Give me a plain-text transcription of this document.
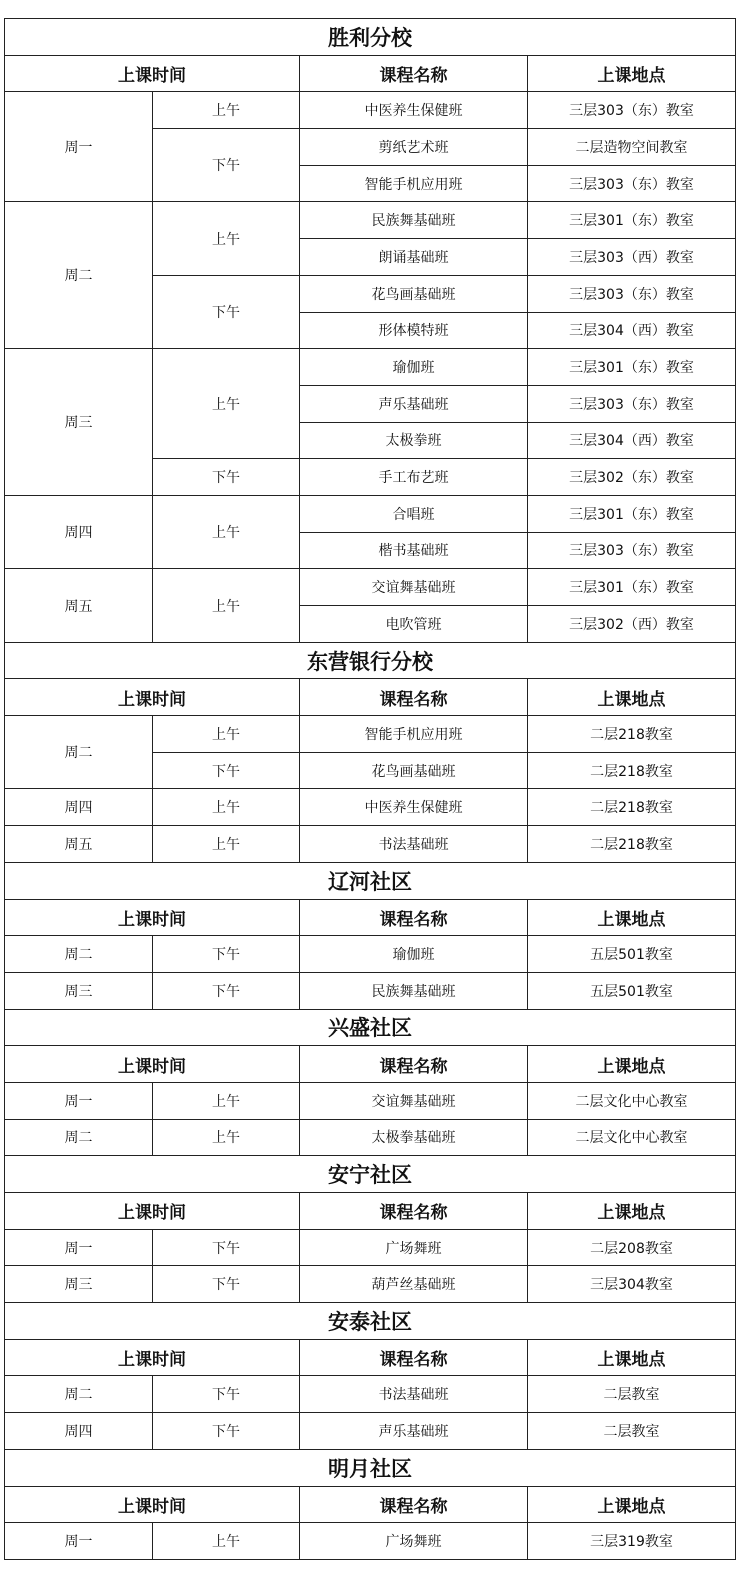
胜利分校			
上课时间		课程名称	上课地点
周一	上午	中医养生保健班	三层303（东）教室
	下午	剪纸艺术班	二层造物空间教室
		智能手机应用班	三层303（东）教室
周二	上午	民族舞基础班	三层301（东）教室
		朗诵基础班	三层303（西）教室
	下午	花鸟画基础班	三层303（东）教室
		形体模特班	三层304（西）教室
周三	上午	瑜伽班	三层301（东）教室
		声乐基础班	三层303（东）教室
		太极拳班	三层304（西）教室
	下午	手工布艺班	三层302（东）教室
周四	上午	合唱班	三层301（东）教室
		楷书基础班	三层303（东）教室
周五	上午	交谊舞基础班	三层301（东）教室
		电吹管班	三层302（西）教室
东营银行分校			
上课时间		课程名称	上课地点
周二	上午	智能手机应用班	二层218教室
	下午	花鸟画基础班	二层218教室
周四	上午	中医养生保健班	二层218教室
周五	上午	书法基础班	二层218教室
辽河社区			
上课时间		课程名称	上课地点
周二	下午	瑜伽班	五层501教室
周三	下午	民族舞基础班	五层501教室
兴盛社区			
上课时间		课程名称	上课地点
周一	上午	交谊舞基础班	二层文化中心教室
周二	上午	太极拳基础班	二层文化中心教室
安宁社区			
上课时间		课程名称	上课地点
周一	下午	广场舞班	二层208教室
周三	下午	葫芦丝基础班	三层304教室
安泰社区			
上课时间		课程名称	上课地点
周二	下午	书法基础班	二层教室
周四	下午	声乐基础班	二层教室
明月社区			
上课时间		课程名称	上课地点
周一	上午	广场舞班	三层319教室
